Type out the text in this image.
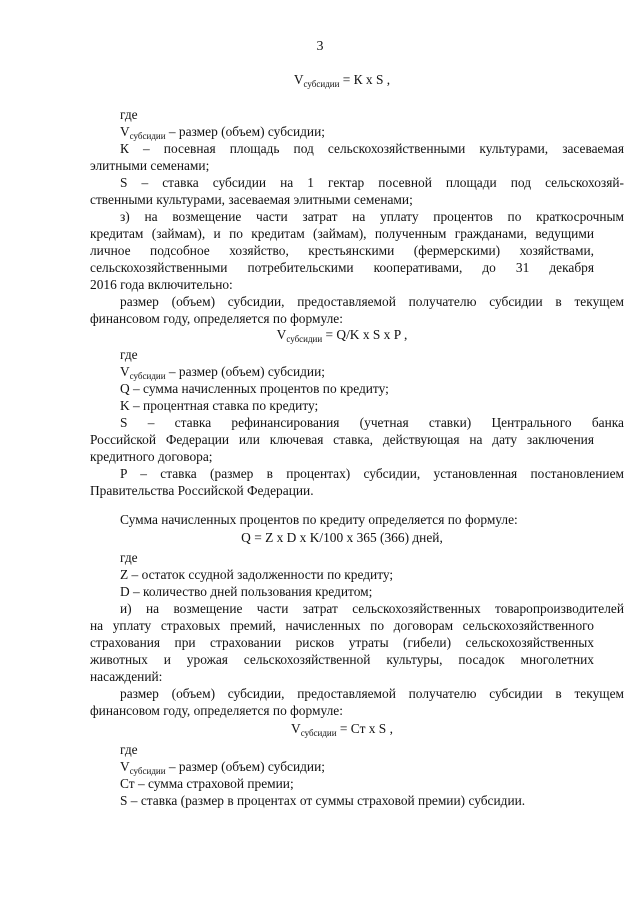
3
$V_{субсидии} = К$ х S ,
где
$V_{субсидии}$ – размер (объем) субсидии;
К – посевная площадь под сельскохозяйственными культурами, засеваемая
элитными семенами;
S – ставка субсидии на 1 гектар посевной площади под сельскохозяй-
ственными культурами, засеваемая элитными семенами;
з) на возмещение части затрат на уплату процентов по краткосрочным
кредитам (займам), и по кредитам (займам), полученным гражданами, ведущими
личное подсобное хозяйство, крестьянскими (фермерскими) хозяйствами,
сельскохозяйственными потребительскими кооперативами, до 31 декабря
2016 года включительно:
размер (объем) субсидии, предоставляемой получателю субсидии в текущем
финансовом году, определяется по формуле:
$V_{субсидии} = Q/K$ х S х P ,
где
$V_{субсидии}$ – размер (объем) субсидии;
Q – сумма начисленных процентов по кредиту;
K – процентная ставка по кредиту;
S – ставка рефинансирования (учетная ставки) Центрального банка
Российской Федерации или ключевая ставка, действующая на дату заключения
кредитного договора;
P – ставка (размер в процентах) субсидии, установленная постановлением
Правительства Российской Федерации.
Сумма начисленных процентов по кредиту определяется по формуле:
Q = Z х D х K/100 х 365 (366) дней,
где
Z – остаток ссудной задолженности по кредиту;
D – количество дней пользования кредитом;
и) на возмещение части затрат сельскохозяйственных товаропроизводителей
на уплату страховых премий, начисленных по договорам сельскохозяйственного
страхования при страховании рисков утраты (гибели) сельскохозяйственных
животных и урожая сельскохозяйственной культуры, посадок многолетних
насаждений:
размер (объем) субсидии, предоставляемой получателю субсидии в текущем
финансовом году, определяется по формуле:
$V_{субсидии}$ = Ст х S ,
где
$V_{субсидии}$ – размер (объем) субсидии;
Ст – сумма страховой премии;
S – ставка (размер в процентах от суммы страховой премии) субсидии.
